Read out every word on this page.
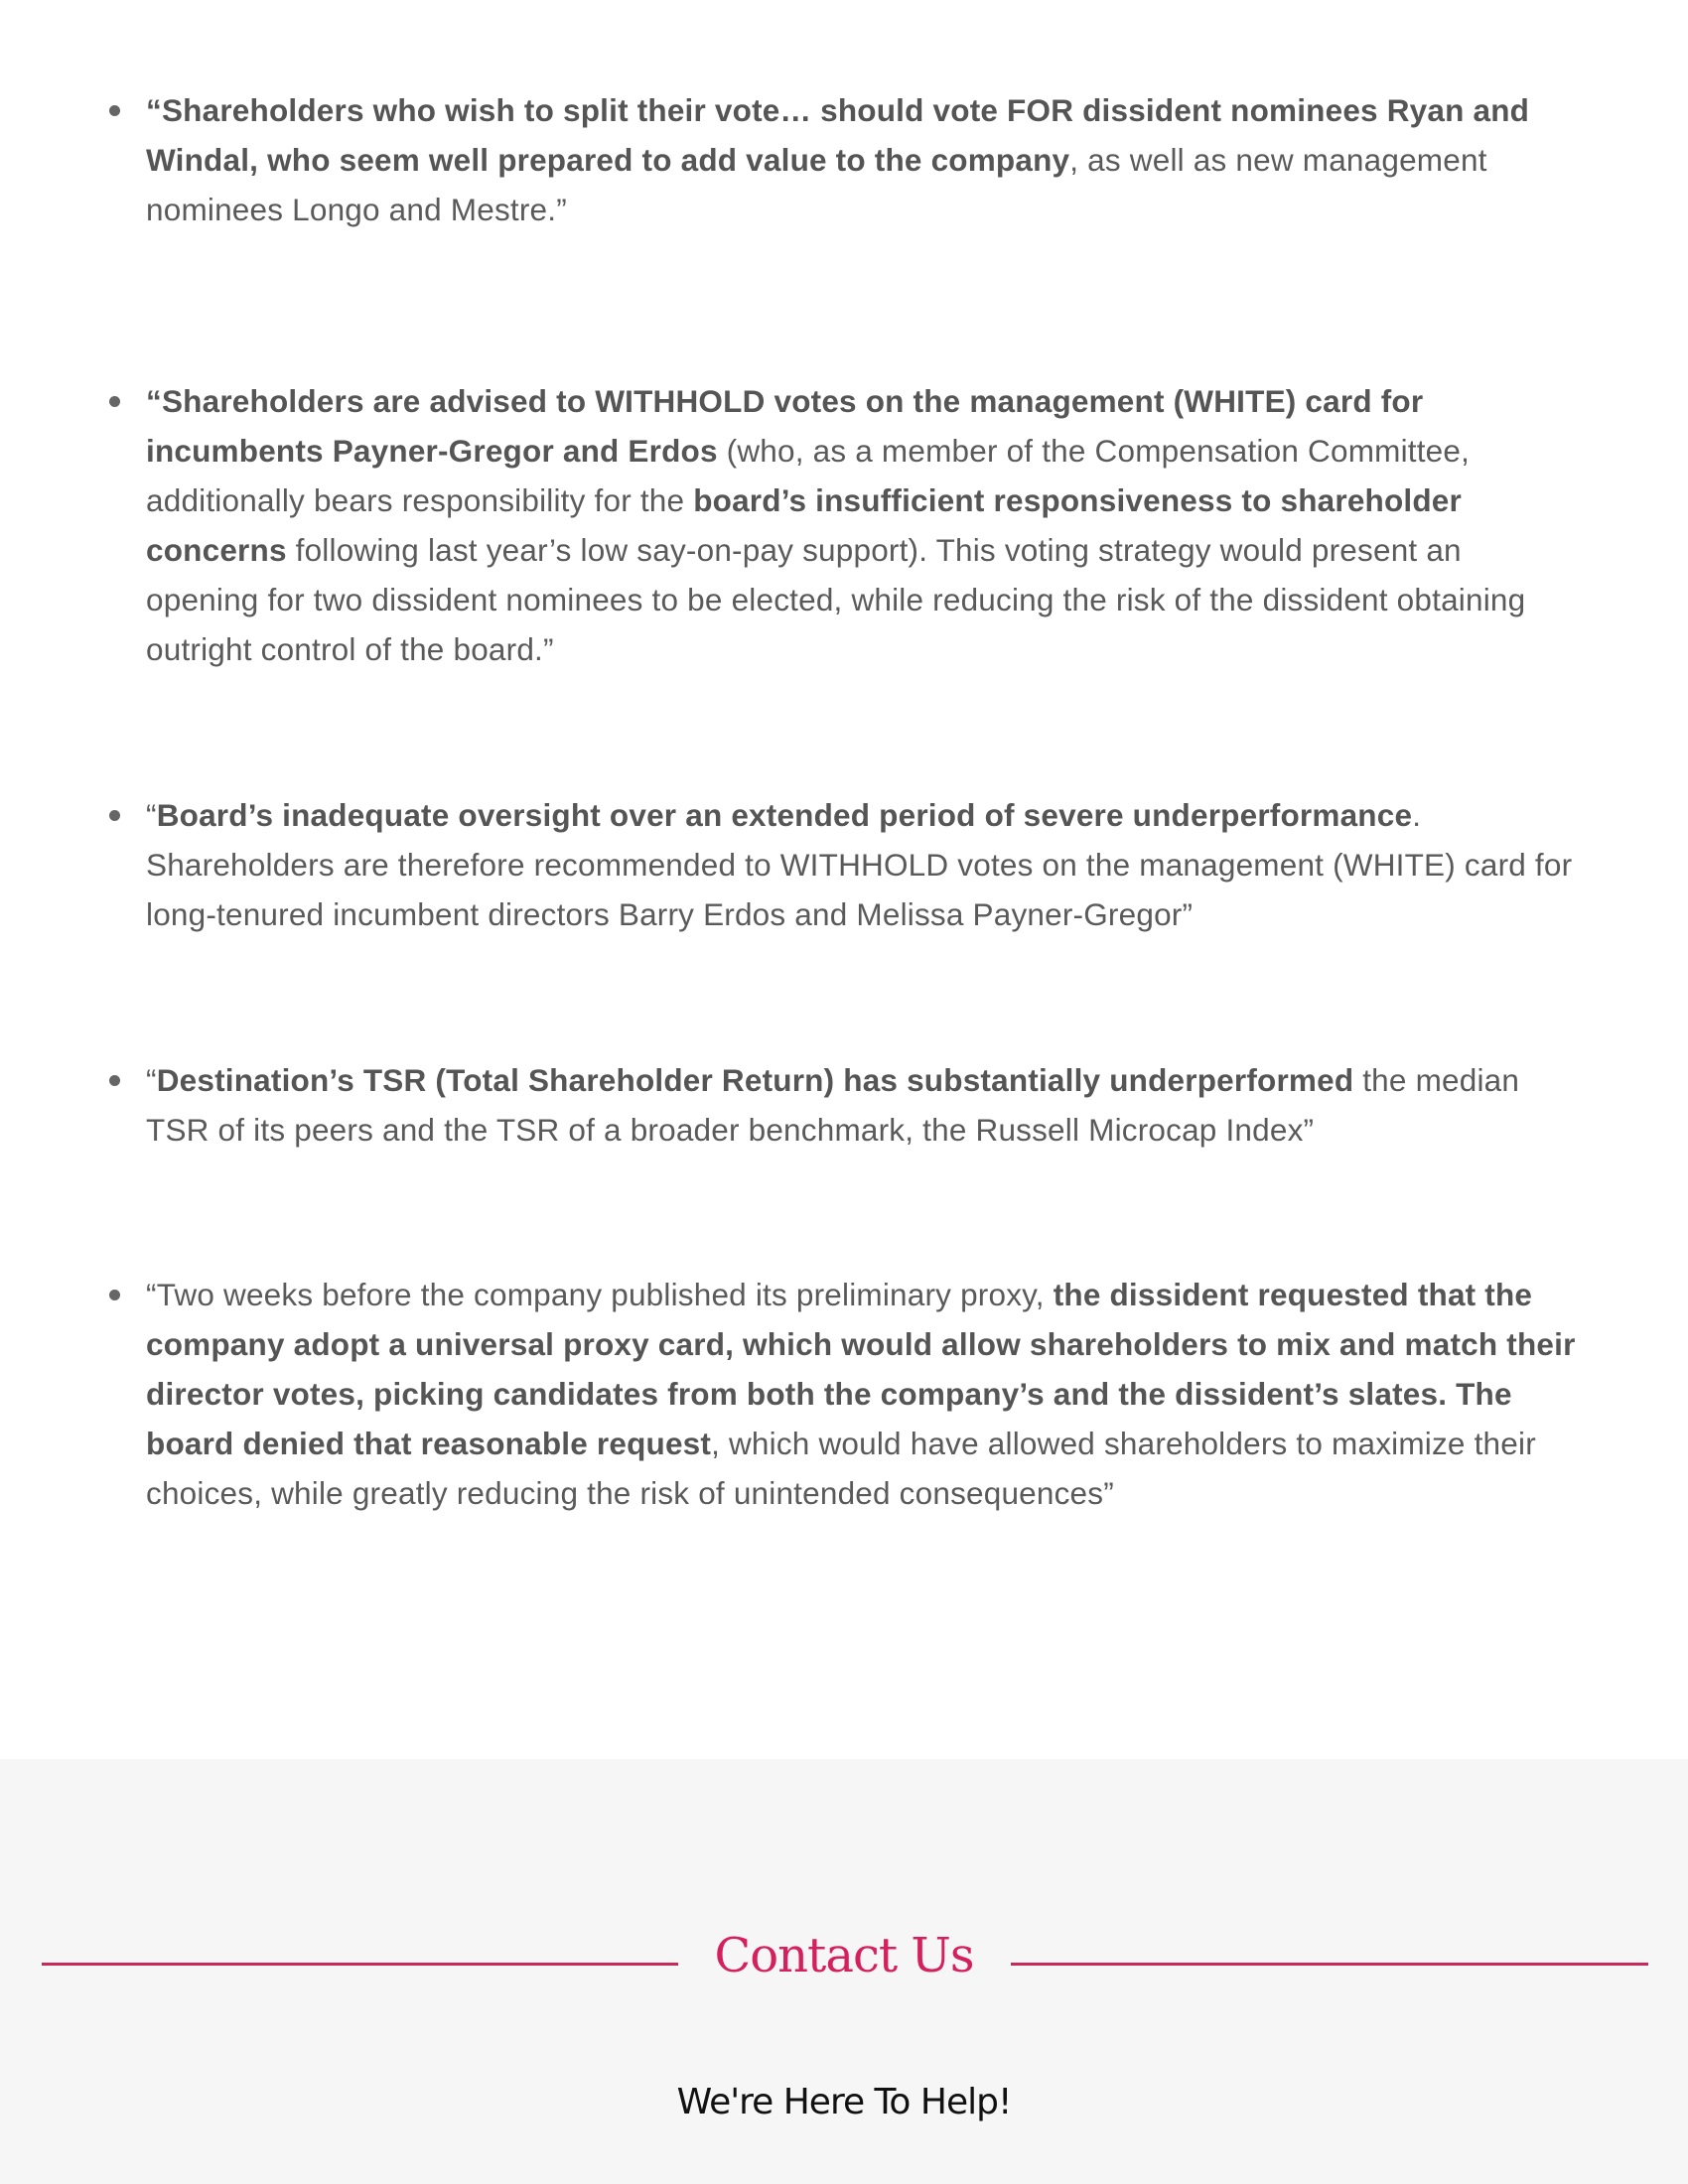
“Shareholders who wish to split their vote… should vote FOR dissident nominees Ryan and Windal, who seem well prepared to add value to the company, as well as new management nominees Longo and Mestre.”
“Shareholders are advised to WITHHOLD votes on the management (WHITE) card for incumbents Payner-Gregor and Erdos (who, as a member of the Compensation Committee, additionally bears responsibility for the board’s insufficient responsiveness to shareholder concerns following last year’s low say-on-pay support). This voting strategy would present an opening for two dissident nominees to be elected, while reducing the risk of the dissident obtaining outright control of the board.”
“Board’s inadequate oversight over an extended period of severe underperformance. Shareholders are therefore recommended to WITHHOLD votes on the management (WHITE) card for long-tenured incumbent directors Barry Erdos and Melissa Payner-Gregor”
“Destination’s TSR (Total Shareholder Return) has substantially underperformed the median TSR of its peers and the TSR of a broader benchmark, the Russell Microcap Index”
“Two weeks before the company published its preliminary proxy, the dissident requested that the company adopt a universal proxy card, which would allow shareholders to mix and match their director votes, picking candidates from both the company’s and the dissident’s slates. The board denied that reasonable request, which would have allowed shareholders to maximize their choices, while greatly reducing the risk of unintended consequences”
Contact Us
We're Here To Help!
